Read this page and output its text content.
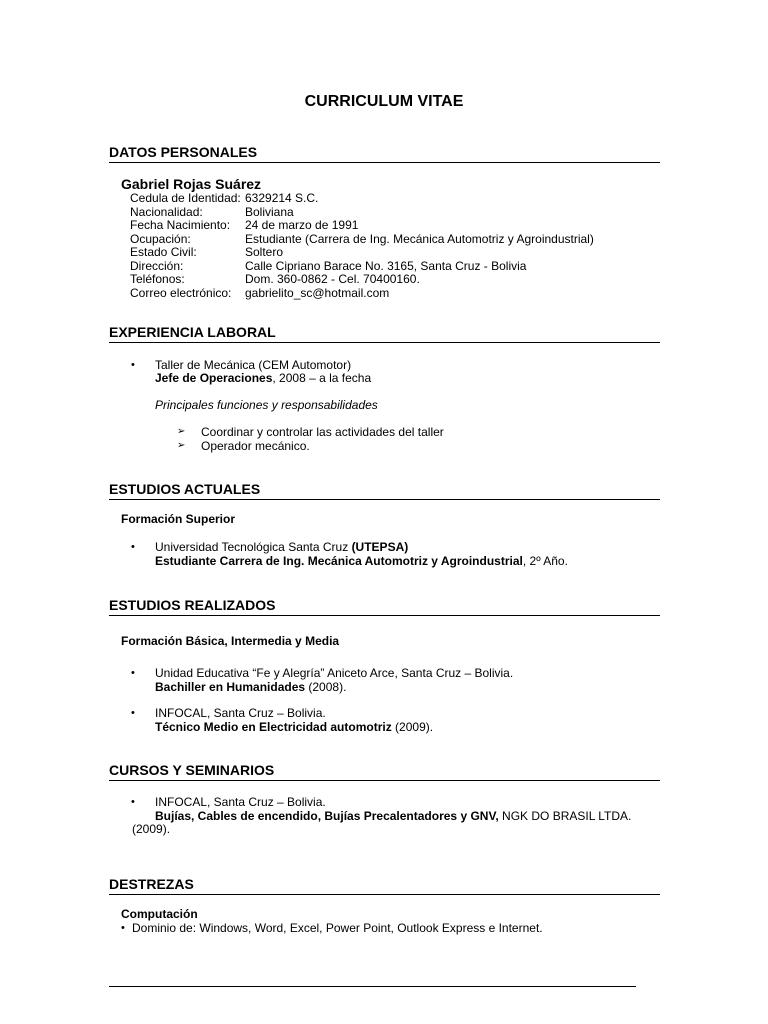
CURRICULUM VITAE
DATOS PERSONALES
Gabriel Rojas Suárez
Cedula de Identidad:	6329214 S.C.
Nacionalidad:	Boliviana
Fecha Nacimiento:	24 de marzo de 1991
Ocupación:	Estudiante (Carrera de Ing. Mecánica Automotriz y Agroindustrial)
Estado Civil:	Soltero
Dirección:	Calle Cipriano Barace No. 3165, Santa Cruz - Bolivia
Teléfonos:	Dom. 360-0862 - Cel. 70400160.
Correo electrónico:	gabrielito_sc@hotmail.com
EXPERIENCIA LABORAL
• Taller de Mecánica (CEM Automotor)
Jefe de Operaciones, 2008 – a la fecha
Principales funciones y responsabilidades
➢ Coordinar y controlar las actividades del taller
➢ Operador mecánico.
ESTUDIOS ACTUALES
Formación Superior
• Universidad Tecnológica Santa Cruz (UTEPSA)
Estudiante Carrera de Ing. Mecánica Automotriz y Agroindustrial, 2º Año.
ESTUDIOS REALIZADOS
Formación Básica, Intermedia y Media
• Unidad Educativa “Fe y Alegría” Aniceto Arce, Santa Cruz – Bolivia.
Bachiller en Humanidades (2008).
• INFOCAL, Santa Cruz – Bolivia.
Técnico Medio en Electricidad automotriz (2009).
CURSOS Y SEMINARIOS
• INFOCAL, Santa Cruz – Bolivia.
Bujías, Cables de encendido, Bujías Precalentadores y GNV, NGK DO BRASIL LTDA.
(2009).
DESTREZAS
Computación
• Dominio de: Windows, Word, Excel, Power Point, Outlook Express e Internet.
